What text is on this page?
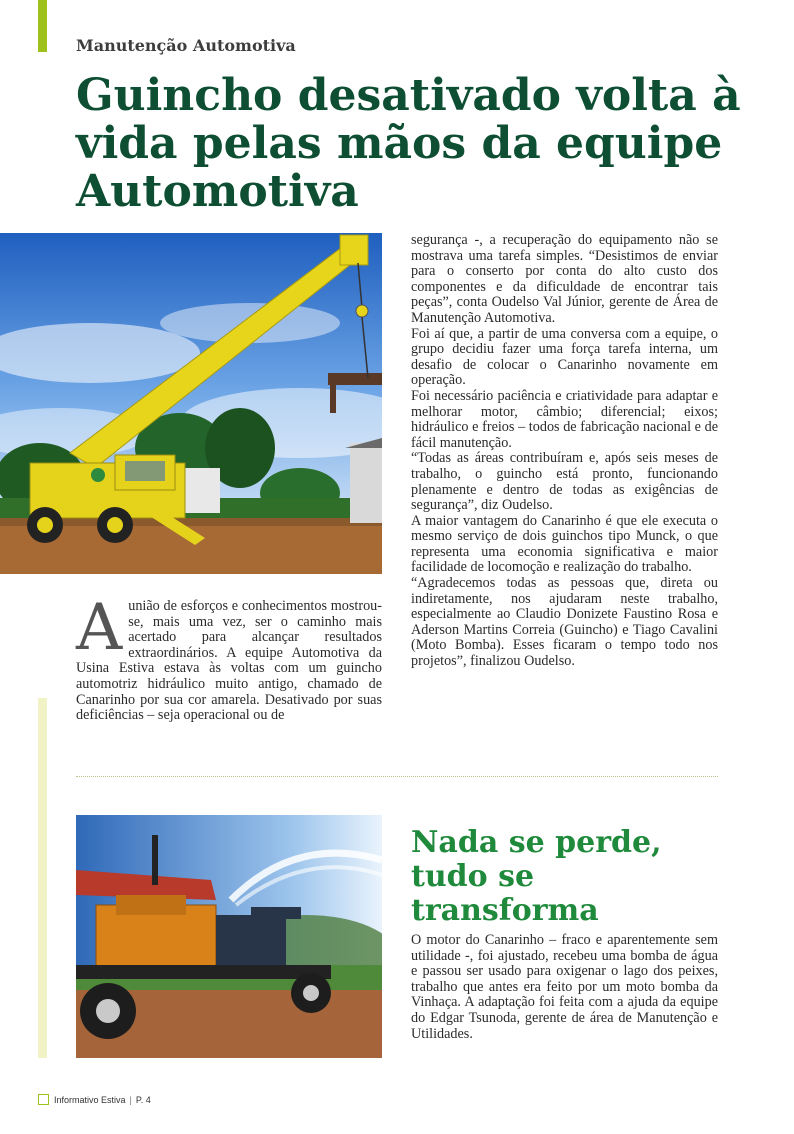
Manutenção Automotiva
Guincho desativado volta à vida pelas mãos da equipe Automotiva
A união de esforços e conhecimentos mostrou-se, mais uma vez, ser o caminho mais acertado para alcançar resultados extraordinários. A equipe Automotiva da Usina Estiva estava às voltas com um guincho automotriz hidráulico muito antigo, chamado de Canarinho por sua cor amarela. Desativado por suas deficiências – seja operacional ou de

segurança -, a recuperação do equipamento não se mostrava uma tarefa simples. “Desistimos de enviar para o conserto por conta do alto custo dos componentes e da dificuldade de encontrar tais peças”, conta Oudelso Val Júnior, gerente de Área de Manutenção Automotiva.

Foi aí que, a partir de uma conversa com a equipe, o grupo decidiu fazer uma força tarefa interna, um desafio de colocar o Canarinho novamente em operação.

Foi necessário paciência e criatividade para adaptar e melhorar motor, câmbio; diferencial; eixos; hidráulico e freios – todos de fabricação nacional e de fácil manutenção.

“Todas as áreas contribuíram e, após seis meses de trabalho, o guincho está pronto, funcionando plenamente e dentro de todas as exigências de segurança”, diz Oudelso.

A maior vantagem do Canarinho é que ele executa o mesmo serviço de dois guinchos tipo Munck, o que representa uma economia significativa e maior facilidade de locomoção e realização do trabalho.

“Agradecemos todas as pessoas que, direta ou indiretamente, nos ajudaram neste trabalho, especialmente ao Claudio Donizete Faustino Rosa e Aderson Martins Correia (Guincho) e Tiago Cavalini (Moto Bomba). Esses ficaram o tempo todo nos projetos”, finalizou Oudelso.

Nada se perde, tudo se transforma

O motor do Canarinho – fraco e aparentemente sem utilidade -, foi ajustado, recebeu uma bomba de água e passou ser usado para oxigenar o lago dos peixes, trabalho que antes era feito por um moto bomba da Vinhaça. A adaptação foi feita com a ajuda da equipe do Edgar Tsunoda, gerente de área de Manutenção e Utilidades.

Informativo Estiva | P. 4
